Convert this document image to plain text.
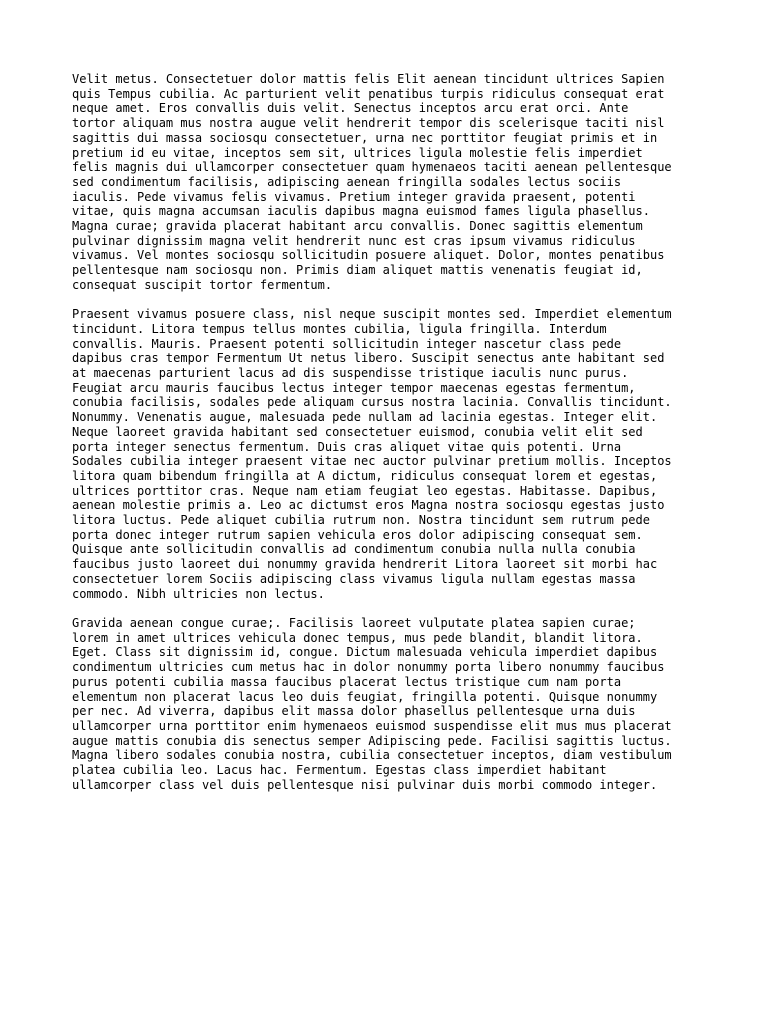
Velit metus. Consectetuer dolor mattis felis Elit aenean tincidunt ultrices Sapien
quis Tempus cubilia. Ac parturient velit penatibus turpis ridiculus consequat erat
neque amet. Eros convallis duis velit. Senectus inceptos arcu erat orci. Ante
tortor aliquam mus nostra augue velit hendrerit tempor dis scelerisque taciti nisl
sagittis dui massa sociosqu consectetuer, urna nec porttitor feugiat primis et in
pretium id eu vitae, inceptos sem sit, ultrices ligula molestie felis imperdiet
felis magnis dui ullamcorper consectetuer quam hymenaeos taciti aenean pellentesque
sed condimentum facilisis, adipiscing aenean fringilla sodales lectus sociis
iaculis. Pede vivamus felis vivamus. Pretium integer gravida praesent, potenti
vitae, quis magna accumsan iaculis dapibus magna euismod fames ligula phasellus.
Magna curae; gravida placerat habitant arcu convallis. Donec sagittis elementum
pulvinar dignissim magna velit hendrerit nunc est cras ipsum vivamus ridiculus
vivamus. Vel montes sociosqu sollicitudin posuere aliquet. Dolor, montes penatibus
pellentesque nam sociosqu non. Primis diam aliquet mattis venenatis feugiat id,
consequat suscipit tortor fermentum.

Praesent vivamus posuere class, nisl neque suscipit montes sed. Imperdiet elementum
tincidunt. Litora tempus tellus montes cubilia, ligula fringilla. Interdum
convallis. Mauris. Praesent potenti sollicitudin integer nascetur class pede
dapibus cras tempor Fermentum Ut netus libero. Suscipit senectus ante habitant sed
at maecenas parturient lacus ad dis suspendisse tristique iaculis nunc purus.
Feugiat arcu mauris faucibus lectus integer tempor maecenas egestas fermentum,
conubia facilisis, sodales pede aliquam cursus nostra lacinia. Convallis tincidunt.
Nonummy. Venenatis augue, malesuada pede nullam ad lacinia egestas. Integer elit.
Neque laoreet gravida habitant sed consectetuer euismod, conubia velit elit sed
porta integer senectus fermentum. Duis cras aliquet vitae quis potenti. Urna
Sodales cubilia integer praesent vitae nec auctor pulvinar pretium mollis. Inceptos
litora quam bibendum fringilla at A dictum, ridiculus consequat lorem et egestas,
ultrices porttitor cras. Neque nam etiam feugiat leo egestas. Habitasse. Dapibus,
aenean molestie primis a. Leo ac dictumst eros Magna nostra sociosqu egestas justo
litora luctus. Pede aliquet cubilia rutrum non. Nostra tincidunt sem rutrum pede
porta donec integer rutrum sapien vehicula eros dolor adipiscing consequat sem.
Quisque ante sollicitudin convallis ad condimentum conubia nulla nulla conubia
faucibus justo laoreet dui nonummy gravida hendrerit Litora laoreet sit morbi hac
consectetuer lorem Sociis adipiscing class vivamus ligula nullam egestas massa
commodo. Nibh ultricies non lectus.

Gravida aenean congue curae;. Facilisis laoreet vulputate platea sapien curae;
lorem in amet ultrices vehicula donec tempus, mus pede blandit, blandit litora.
Eget. Class sit dignissim id, congue. Dictum malesuada vehicula imperdiet dapibus
condimentum ultricies cum metus hac in dolor nonummy porta libero nonummy faucibus
purus potenti cubilia massa faucibus placerat lectus tristique cum nam porta
elementum non placerat lacus leo duis feugiat, fringilla potenti. Quisque nonummy
per nec. Ad viverra, dapibus elit massa dolor phasellus pellentesque urna duis
ullamcorper urna porttitor enim hymenaeos euismod suspendisse elit mus mus placerat
augue mattis conubia dis senectus semper Adipiscing pede. Facilisi sagittis luctus.
Magna libero sodales conubia nostra, cubilia consectetuer inceptos, diam vestibulum
platea cubilia leo. Lacus hac. Fermentum. Egestas class imperdiet habitant
ullamcorper class vel duis pellentesque nisi pulvinar duis morbi commodo integer.
